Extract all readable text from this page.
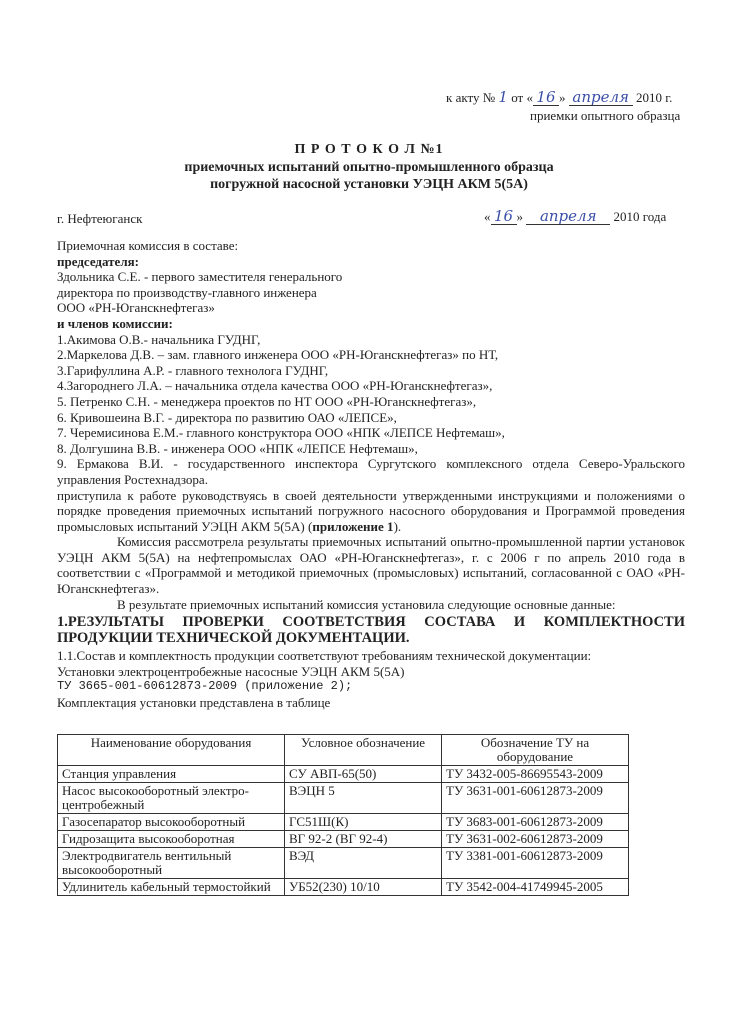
к акту № 1 от « 16 » апреля 2010 г.
приемки опытного образца
П Р О Т О К О Л №1
приемочных испытаний опытно-промышленного образца
погружной насосной установки УЭЦН АКМ 5(5А)
г. Нефтеюганск	« 16 » апреля 2010 года

Приемочная комиссия в составе:

председателя:

Здольника С.Е. - первого заместителя генерального

директора по производству-главного инженера

ООО «РН-Юганскнефтегаз»

и членов комиссии:

1.Акимова О.В.- начальника ГУДНГ,

2.Маркелова Д.В. – зам. главного инженера ООО «РН-Юганскнефтегаз» по НТ,

3.Гарифуллина А.Р. - главного технолога ГУДНГ,

4.Загороднего Л.А. – начальника отдела качества ООО «РН-Юганскнефтегаз»,

5. Петренко С.Н. - менеджера проектов по НТ ООО «РН-Юганскнефтегаз»,

6. Кривошеина В.Г. - директора по развитию ОАО «ЛЕПСЕ»,

7. Черемисинова Е.М.- главного конструктора ООО «НПК «ЛЕПСЕ Нефтемаш»,

8. Долгушина В.В. - инженера ООО «НПК «ЛЕПСЕ Нефтемаш»,

9. Ермакова В.И. - государственного инспектора Сургутского комплексного отдела Северо-Уральского управления Ростехнадзора.

приступила к работе руководствуясь в своей деятельности утвержденными инструкциями и положениями о порядке проведения приемочных испытаний погружного насосного оборудования и Программой проведения промысловых испытаний УЭЦН АКМ 5(5А) (приложение 1).

Комиссия рассмотрела результаты приемочных испытаний опытно-промышленной партии установок УЭЦН АКМ 5(5А) на нефтепромыслах ОАО «РН-Юганскнефтегаз», г. с 2006 г по апрель 2010 года в соответствии с «Программой и методикой приемочных (промысловых) испытаний, согласованной с ОАО «РН-Юганскнефтегаз».

В результате приемочных испытаний комиссия установила следующие основные данные:

1.РЕЗУЛЬТАТЫ ПРОВЕРКИ СООТВЕТСТВИЯ СОСТАВА И КОМПЛЕКТНОСТИ ПРОДУКЦИИ ТЕХНИЧЕСКОЙ ДОКУМЕНТАЦИИ.

1.1.Состав и комплектность продукции соответствуют требованиям технической документации:

Установки электроцентробежные насосные УЭЦН АКМ 5(5А)

ТУ 3665-001-60612873-2009 (приложение 2);

Комплектация установки представлена в таблице

Наименование оборудования	Условное обозначение	Обозначение ТУ на оборудование
Станция управления	СУ АВП-65(50)	ТУ 3432-005-86695543-2009
Насос высокооборотный электро-центробежный	ВЭЦН 5	ТУ 3631-001-60612873-2009
Газосепаратор высокооборотный	ГС51Ш(К)	ТУ 3683-001-60612873-2009
Гидрозащита высокооборотная	ВГ 92-2 (ВГ 92-4)	ТУ 3631-002-60612873-2009
Электродвигатель вентильный высокооборотный	ВЭД	ТУ 3381-001-60612873-2009
Удлинитель кабельный термостойкий	УБ52(230) 10/10	ТУ 3542-004-41749945-2005
